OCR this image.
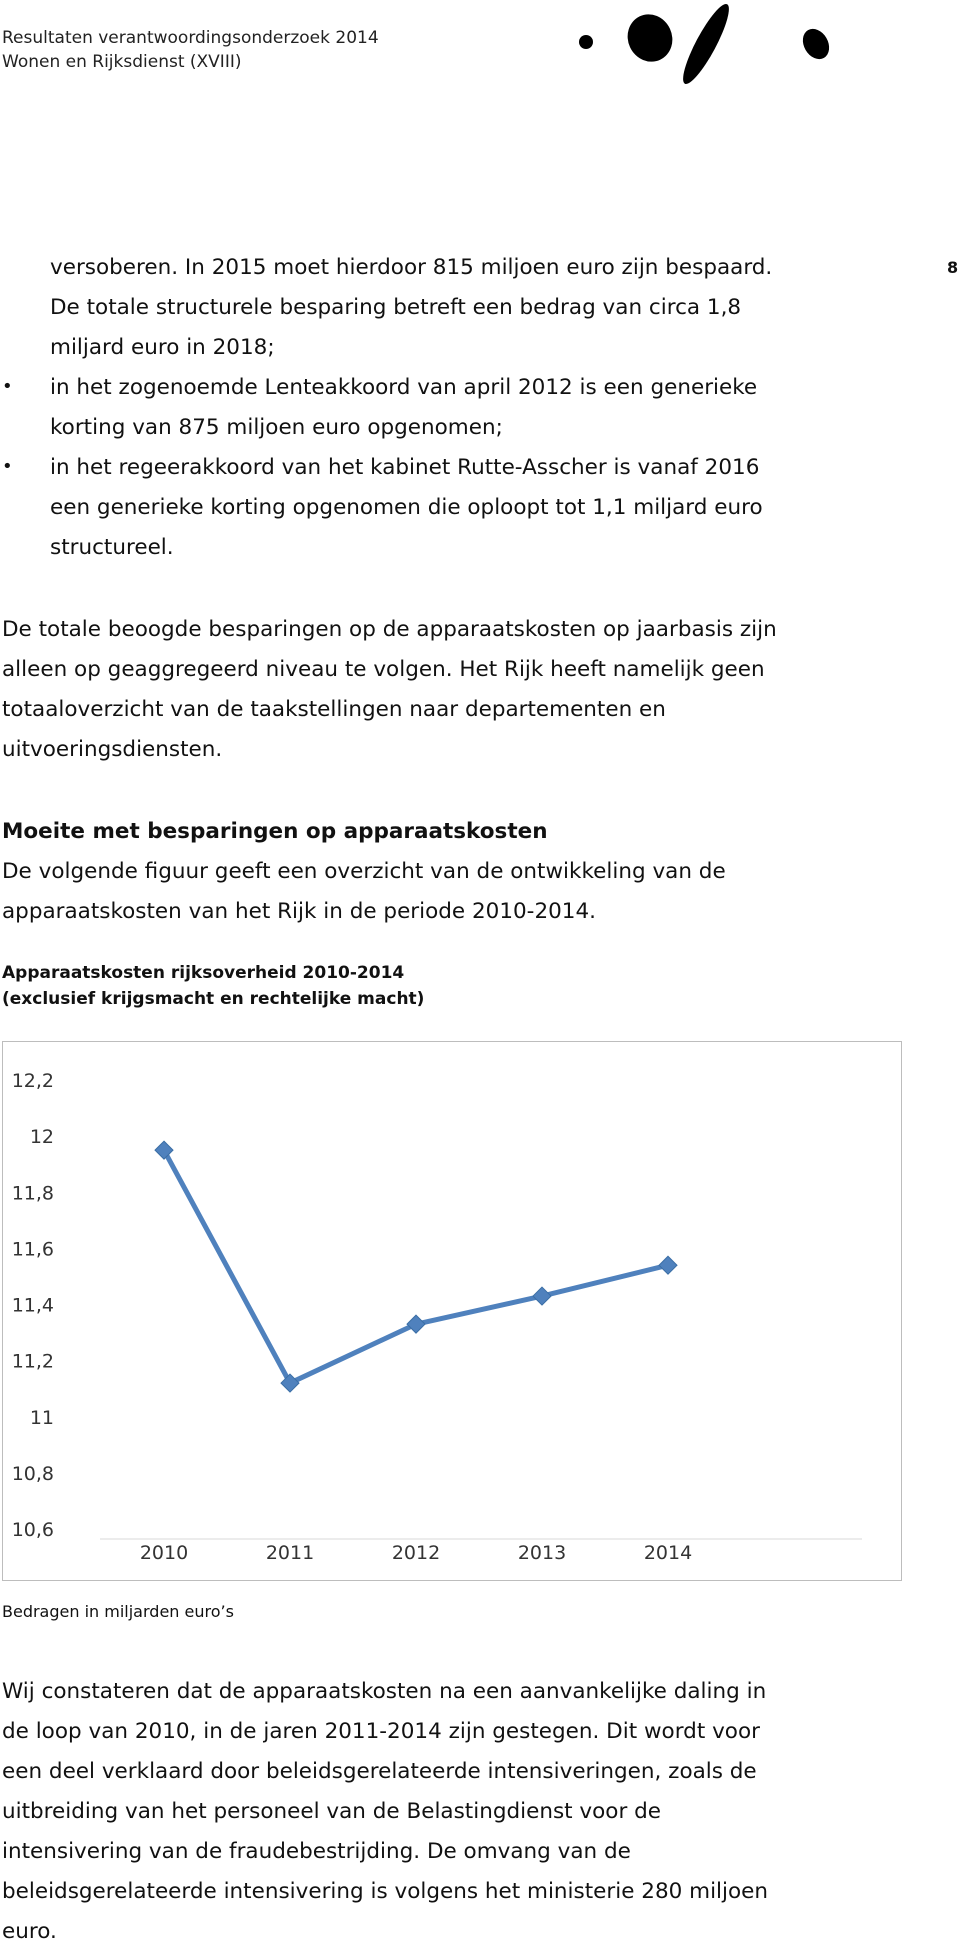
Resultaten verantwoordingsonderzoek 2014
Wonen en Rijksdienst (XVIII)
8
versoberen. In 2015 moet hierdoor 815 miljoen euro zijn bespaard.
De totale structurele besparing betreft een bedrag van circa 1,8
miljard euro in 2018;
• in het zogenoemde Lenteakkoord van april 2012 is een generieke
korting van 875 miljoen euro opgenomen;
• in het regeerakkoord van het kabinet Rutte-Asscher is vanaf 2016
een generieke korting opgenomen die oploopt tot 1,1 miljard euro
structureel.
De totale beoogde besparingen op de apparaatskosten op jaarbasis zijn
alleen op geaggregeerd niveau te volgen. Het Rijk heeft namelijk geen
totaaloverzicht van de taakstellingen naar departementen en
uitvoeringsdiensten.
Moeite met besparingen op apparaatskosten
De volgende figuur geeft een overzicht van de ontwikkeling van de
apparaatskosten van het Rijk in de periode 2010-2014.
Apparaatskosten rijksoverheid 2010-2014
(exclusief krijgsmacht en rechtelijke macht)
12,2
12
11,8
11,6
11,4
11,2
11
10,8
10,6
2010	2011	2012	2013	2014
Bedragen in miljarden euro’s
Wij constateren dat de apparaatskosten na een aanvankelijke daling in
de loop van 2010, in de jaren 2011-2014 zijn gestegen. Dit wordt voor
een deel verklaard door beleidsgerelateerde intensiveringen, zoals de
uitbreiding van het personeel van de Belastingdienst voor de
intensivering van de fraudebestrijding. De omvang van de
beleidsgerelateerde intensivering is volgens het ministerie 280 miljoen
euro.
